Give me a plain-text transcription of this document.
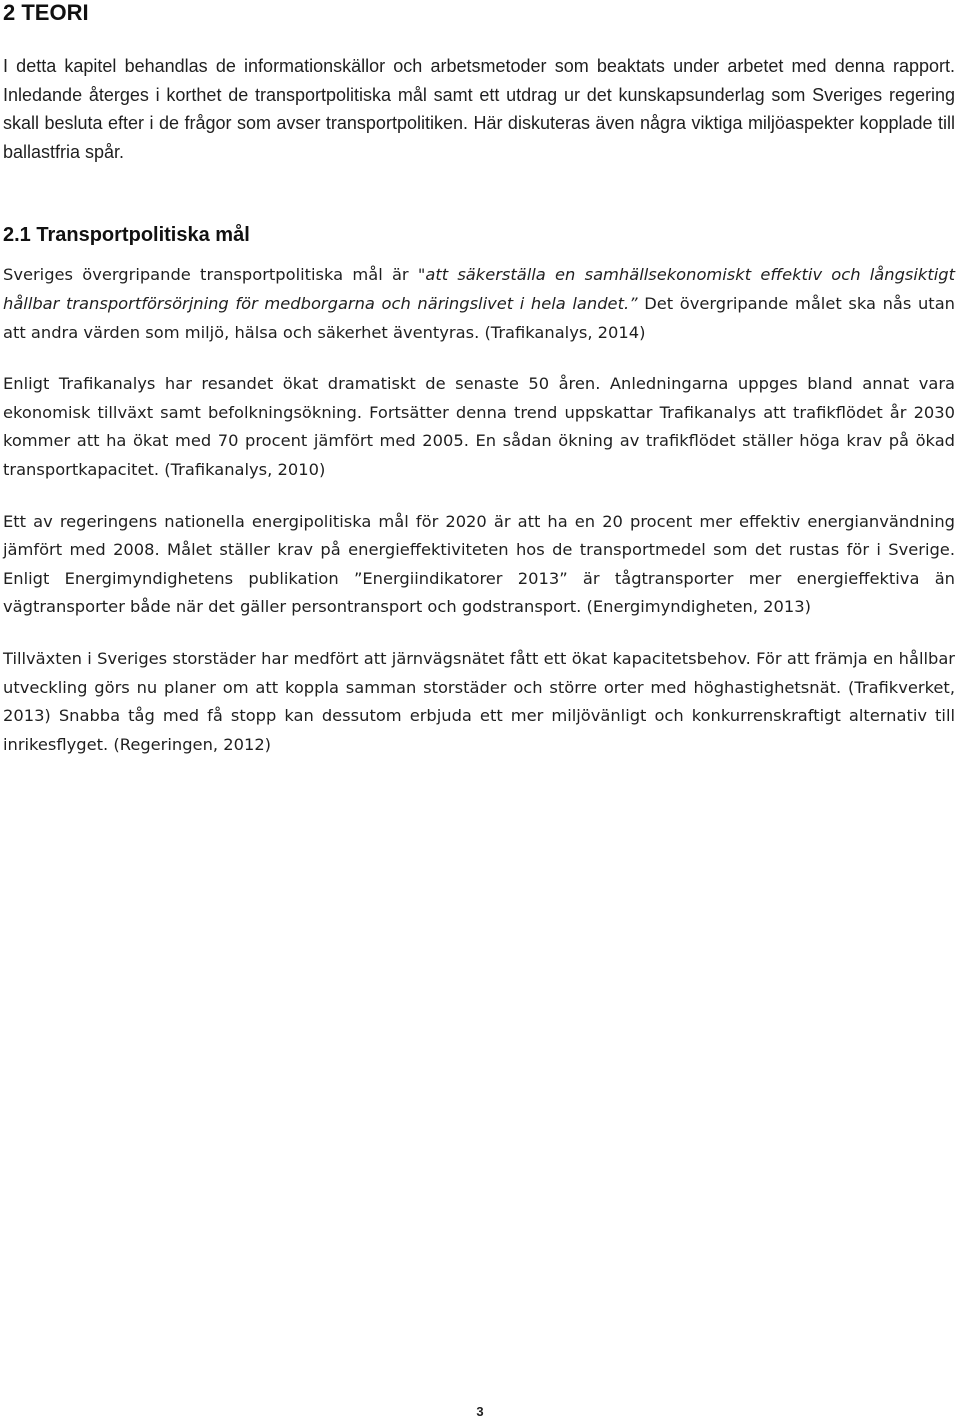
2 TEORI

I detta kapitel behandlas de informationskällor och arbetsmetoder som beaktats under arbetet med denna rapport. Inledande återges i korthet de transportpolitiska mål samt ett utdrag ur det kunskapsunderlag som Sveriges regering skall besluta efter i de frågor som avser transportpolitiken. Här diskuteras även några viktiga miljöaspekter kopplade till ballastfria spår.

2.1 Transportpolitiska mål

Sveriges övergripande transportpolitiska mål är "att säkerställa en samhällsekonomiskt effektiv och långsiktigt hållbar transportförsörjning för medborgarna och näringslivet i hela landet.” Det övergripande målet ska nås utan att andra värden som miljö, hälsa och säkerhet äventyras. (Trafikanalys, 2014)

Enligt Trafikanalys har resandet ökat dramatiskt de senaste 50 åren. Anledningarna uppges bland annat vara ekonomisk tillväxt samt befolkningsökning. Fortsätter denna trend uppskattar Trafikanalys att trafikflödet år 2030 kommer att ha ökat med 70 procent jämfört med 2005. En sådan ökning av trafikflödet ställer höga krav på ökad transportkapacitet. (Trafikanalys, 2010)

Ett av regeringens nationella energipolitiska mål för 2020 är att ha en 20 procent mer effektiv energianvändning jämfört med 2008. Målet ställer krav på energieffektiviteten hos de transportmedel som det rustas för i Sverige. Enligt Energimyndighetens publikation ”Energiindikatorer 2013” är tågtransporter mer energieffektiva än vägtransporter både när det gäller persontransport och godstransport. (Energimyndigheten, 2013)

Tillväxten i Sveriges storstäder har medfört att järnvägsnätet fått ett ökat kapacitetsbehov. För att främja en hållbar utveckling görs nu planer om att koppla samman storstäder och större orter med höghastighetsnät. (Trafikverket, 2013) Snabba tåg med få stopp kan dessutom erbjuda ett mer miljövänligt och konkurrenskraftigt alternativ till inrikesflyget. (Regeringen, 2012)

3
